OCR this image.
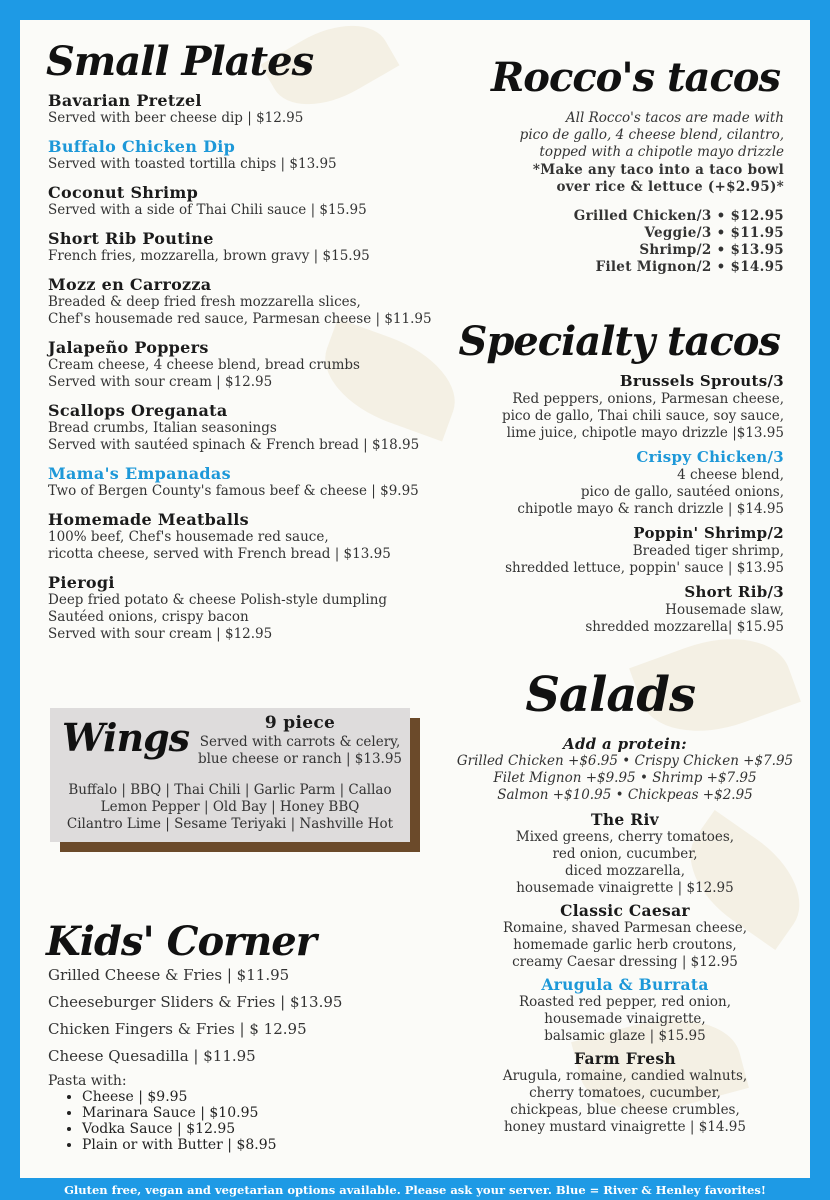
Small Plates
Bavarian Pretzel
Served with beer cheese dip | $12.95
Buffalo Chicken Dip
Served with toasted tortilla chips | $13.95
Coconut Shrimp
Served with a side of Thai Chili sauce | $15.95
Short Rib Poutine
French fries, mozzarella, brown gravy | $15.95
Mozz en Carrozza
Breaded & deep fried fresh mozzarella slices,
Chef's housemade red sauce, Parmesan cheese | $11.95
Jalapeño Poppers
Cream cheese, 4 cheese blend, bread crumbs
Served with sour cream | $12.95
Scallops Oreganata
Bread crumbs, Italian seasonings
Served with sautéed spinach & French bread | $18.95
Mama's Empanadas
Two of Bergen County's famous beef & cheese | $9.95
Homemade Meatballs
100% beef, Chef's housemade red sauce,
ricotta cheese, served with French bread | $13.95
Pierogi
Deep fried potato & cheese Polish-style dumpling
Sautéed onions, crispy bacon
Served with sour cream | $12.95
Wings	9 piece
Served with carrots & celery,
blue cheese or ranch | $13.95
Buffalo | BBQ | Thai Chili | Garlic Parm | Callao
Lemon Pepper | Old Bay | Honey BBQ
Cilantro Lime | Sesame Teriyaki | Nashville Hot
Kids' Corner
Grilled Cheese & Fries | $11.95
Cheeseburger Sliders & Fries | $13.95
Chicken Fingers & Fries | $ 12.95
Cheese Quesadilla | $11.95
Pasta with:
• Cheese | $9.95
• Marinara Sauce | $10.95
• Vodka Sauce | $12.95
• Plain or with Butter | $8.95
Rocco's tacos
All Rocco's tacos are made with
pico de gallo, 4 cheese blend, cilantro,
topped with a chipotle mayo drizzle
*Make any taco into a taco bowl
over rice & lettuce (+$2.95)*
Grilled Chicken/3 • $12.95
Veggie/3 • $11.95
Shrimp/2 • $13.95
Filet Mignon/2 • $14.95
Specialty tacos
Brussels Sprouts/3
Red peppers, onions, Parmesan cheese,
pico de gallo, Thai chili sauce, soy sauce,
lime juice, chipotle mayo drizzle |$13.95
Crispy Chicken/3
4 cheese blend,
pico de gallo, sautéed onions,
chipotle mayo & ranch drizzle | $14.95
Poppin' Shrimp/2
Breaded tiger shrimp,
shredded lettuce, poppin' sauce | $13.95
Short Rib/3
Housemade slaw,
shredded mozzarella| $15.95
Salads
Add a protein:
Grilled Chicken +$6.95 • Crispy Chicken +$7.95
Filet Mignon +$9.95 • Shrimp +$7.95
Salmon +$10.95 • Chickpeas +$2.95
The Riv
Mixed greens, cherry tomatoes,
red onion, cucumber,
diced mozzarella,
housemade vinaigrette | $12.95
Classic Caesar
Romaine, shaved Parmesan cheese,
homemade garlic herb croutons,
creamy Caesar dressing | $12.95
Arugula & Burrata
Roasted red pepper, red onion,
housemade vinaigrette,
balsamic glaze | $15.95
Farm Fresh
Arugula, romaine, candied walnuts,
cherry tomatoes, cucumber,
chickpeas, blue cheese crumbles,
honey mustard vinaigrette | $14.95
Gluten free, vegan and vegetarian options available. Please ask your server. Blue = River & Henley favorites!
